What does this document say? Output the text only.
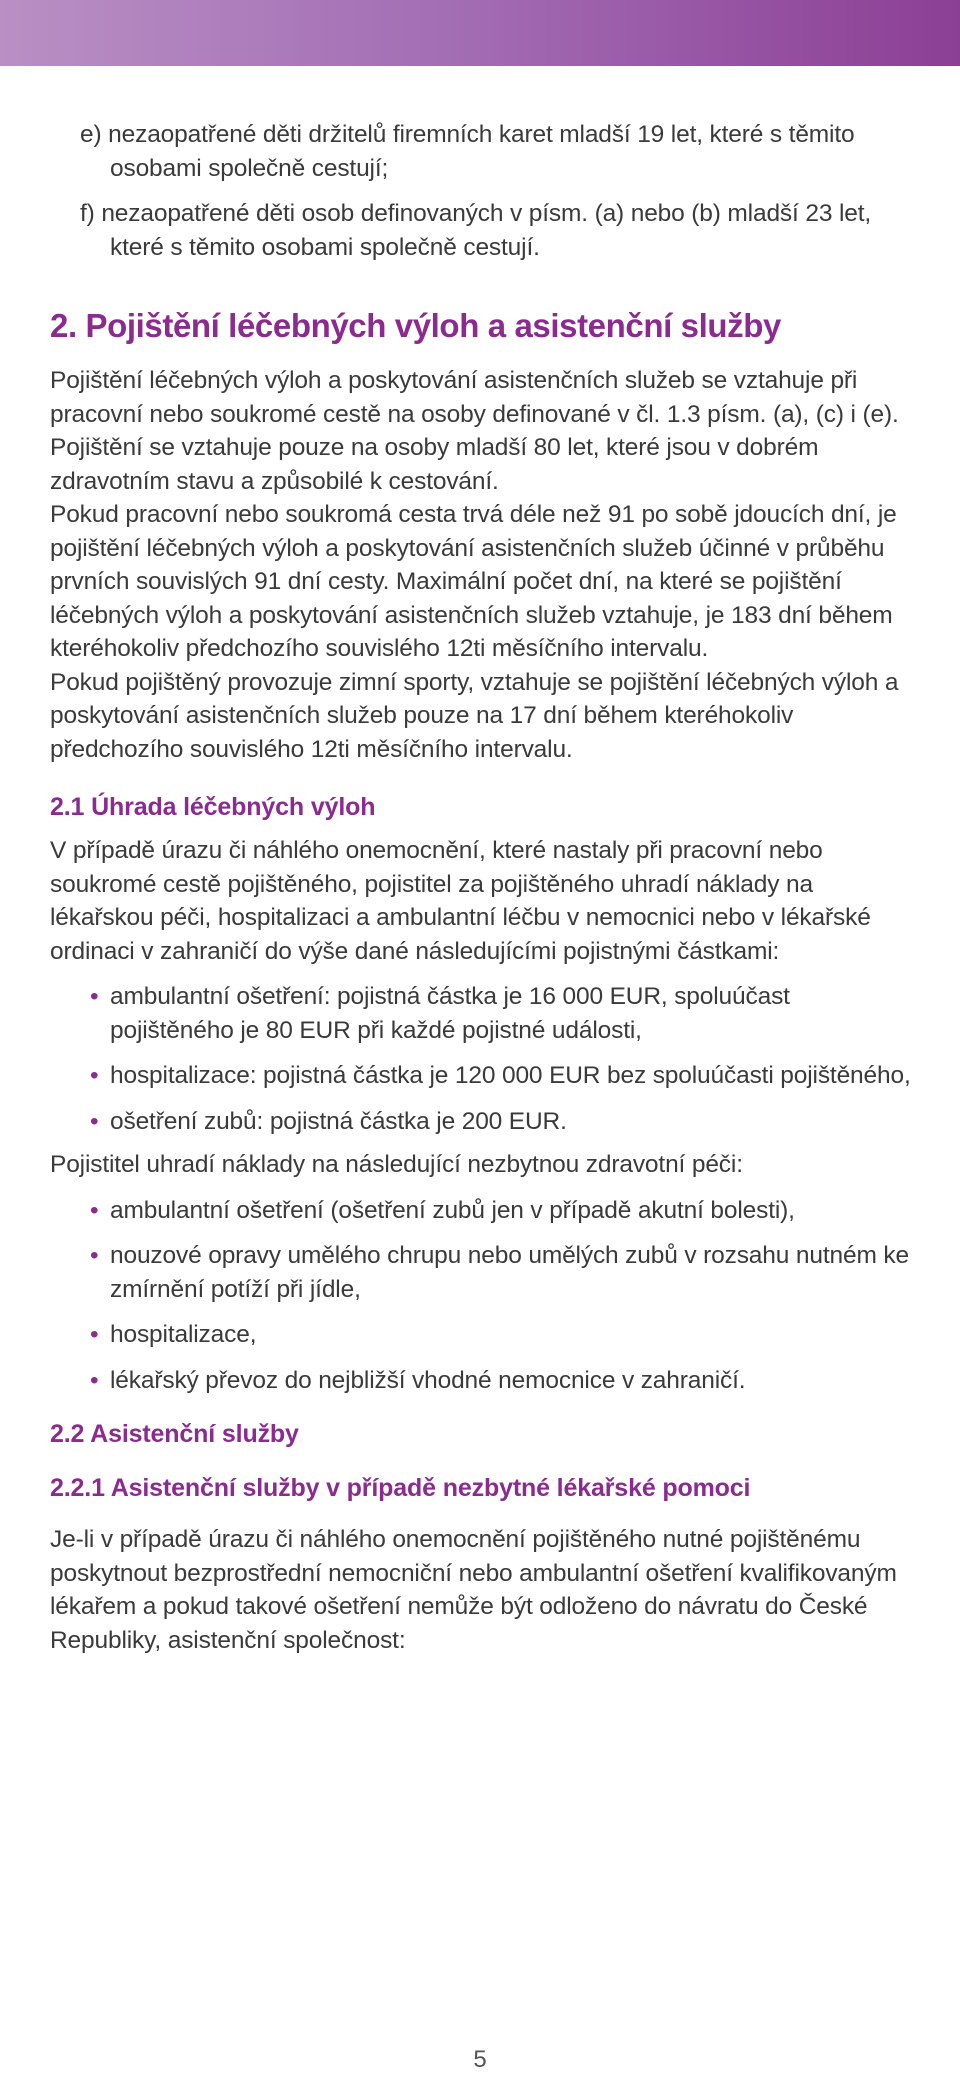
e) nezaopatřené děti držitelů firemních karet mladší 19 let, které s těmito osobami společně cestují;

f) nezaopatřené děti osob definovaných v písm. (a) nebo (b) mladší 23 let, které s těmito osobami společně cestují.

2. Pojištění léčebných výloh a asistenční služby

Pojištění léčebných výloh a poskytování asistenčních služeb se vztahuje při pracovní nebo soukromé cestě na osoby definované v čl. 1.3 písm. (a), (c) i (e).

Pojištění se vztahuje pouze na osoby mladší 80 let, které jsou v dobrém zdravotním stavu a způsobilé k cestování.

Pokud pracovní nebo soukromá cesta trvá déle než 91 po sobě jdoucích dní, je pojištění léčebných výloh a poskytování asistenčních služeb účinné v průběhu prvních souvislých 91 dní cesty. Maximální počet dní, na které se pojištění léčebných výloh a poskytování asistenčních služeb vztahuje, je 183 dní během kteréhokoliv předchozího souvislého 12ti měsíčního intervalu.

Pokud pojištěný provozuje zimní sporty, vztahuje se pojištění léčebných výloh a poskytování asistenčních služeb pouze na 17 dní během kteréhokoliv předchozího souvislého 12ti měsíčního intervalu.

2.1 Úhrada léčebných výloh

V případě úrazu či náhlého onemocnění, které nastaly při pracovní nebo soukromé cestě pojištěného, pojistitel za pojištěného uhradí náklady na lékařskou péči, hospitalizaci a ambulantní léčbu v nemocnici nebo v lékařské ordinaci v zahraničí do výše dané následujícími pojistnými částkami:

• ambulantní ošetření: pojistná částka je 16 000 EUR, spoluúčast pojištěného je 80 EUR při každé pojistné události,
• hospitalizace: pojistná částka je 120 000 EUR bez spoluúčasti pojištěného,
• ošetření zubů: pojistná částka je 200 EUR.

Pojistitel uhradí náklady na následující nezbytnou zdravotní péči:

• ambulantní ošetření (ošetření zubů jen v případě akutní bolesti),
• nouzové opravy umělého chrupu nebo umělých zubů v rozsahu nutném ke zmírnění potíží při jídle,
• hospitalizace,
• lékařský převoz do nejbližší vhodné nemocnice v zahraničí.
2.2 Asistenční služby
2.2.1 Asistenční služby v případě nezbytné lékařské pomoci

Je-li v případě úrazu či náhlého onemocnění pojištěného nutné pojištěnému poskytnout bezprostřední nemocniční nebo ambulantní ošetření kvalifikovaným lékařem a pokud takové ošetření nemůže být odloženo do návratu do České Republiky, asistenční společnost:

5
